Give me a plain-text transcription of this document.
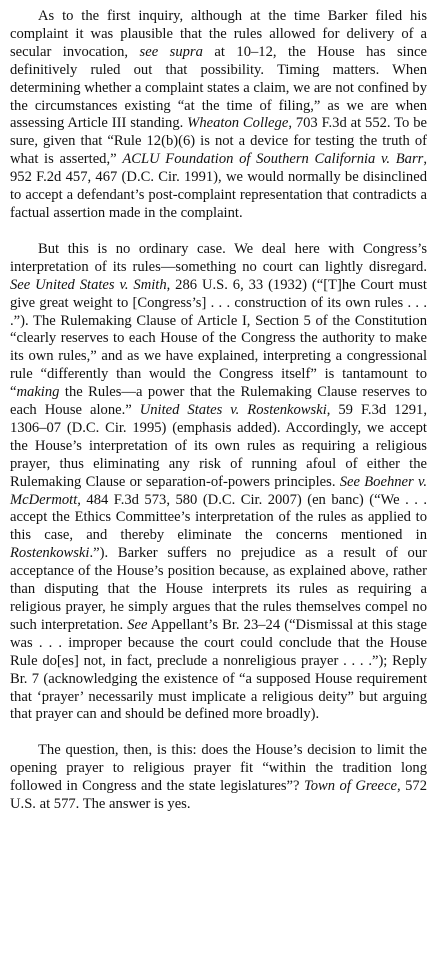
As to the first inquiry, although at the time Barker filed his complaint it was plausible that the rules allowed for delivery of a secular invocation, see supra at 10–12, the House has since definitively ruled out that possibility. Timing matters. When determining whether a complaint states a claim, we are not confined by the circumstances existing “at the time of filing,” as we are when assessing Article III standing. Wheaton College, 703 F.3d at 552. To be sure, given that “Rule 12(b)(6) is not a device for testing the truth of what is asserted,” ACLU Foundation of Southern California v. Barr, 952 F.2d 457, 467 (D.C. Cir. 1991), we would normally be disinclined to accept a defendant’s post-complaint representation that contradicts a factual assertion made in the complaint.

But this is no ordinary case. We deal here with Congress’s interpretation of its rules—something no court can lightly disregard. See United States v. Smith, 286 U.S. 6, 33 (1932) (“[T]he Court must give great weight to [Congress’s] . . . construction of its own rules . . . .”). The Rulemaking Clause of Article I, Section 5 of the Constitution “clearly reserves to each House of the Congress the authority to make its own rules,” and as we have explained, interpreting a congressional rule “differently than would the Congress itself” is tantamount to “making the Rules—a power that the Rulemaking Clause reserves to each House alone.” United States v. Rostenkowski, 59 F.3d 1291, 1306–07 (D.C. Cir. 1995) (emphasis added). Accordingly, we accept the House’s interpretation of its own rules as requiring a religious prayer, thus eliminating any risk of running afoul of either the Rulemaking Clause or separation-of-powers principles. See Boehner v. McDermott, 484 F.3d 573, 580 (D.C. Cir. 2007) (en banc) (“We . . . accept the Ethics Committee’s interpretation of the rules as applied to this case, and thereby eliminate the concerns mentioned in Rostenkowski.”). Barker suffers no prejudice as a result of our acceptance of the House’s position because, as explained above, rather than disputing that the House interprets its rules as requiring a religious prayer, he simply argues that the rules themselves compel no such interpretation. See Appellant’s Br. 23–24 (“Dismissal at this stage was . . . improper because the court could conclude that the House Rule do[es] not, in fact, preclude a nonreligious prayer . . . .”); Reply Br. 7 (acknowledging the existence of “a supposed House requirement that ‘prayer’ necessarily must implicate a religious deity” but arguing that prayer can and should be defined more broadly).

The question, then, is this: does the House’s decision to limit the opening prayer to religious prayer fit “within the tradition long followed in Congress and the state legislatures”? Town of Greece, 572 U.S. at 577. The answer is yes.
